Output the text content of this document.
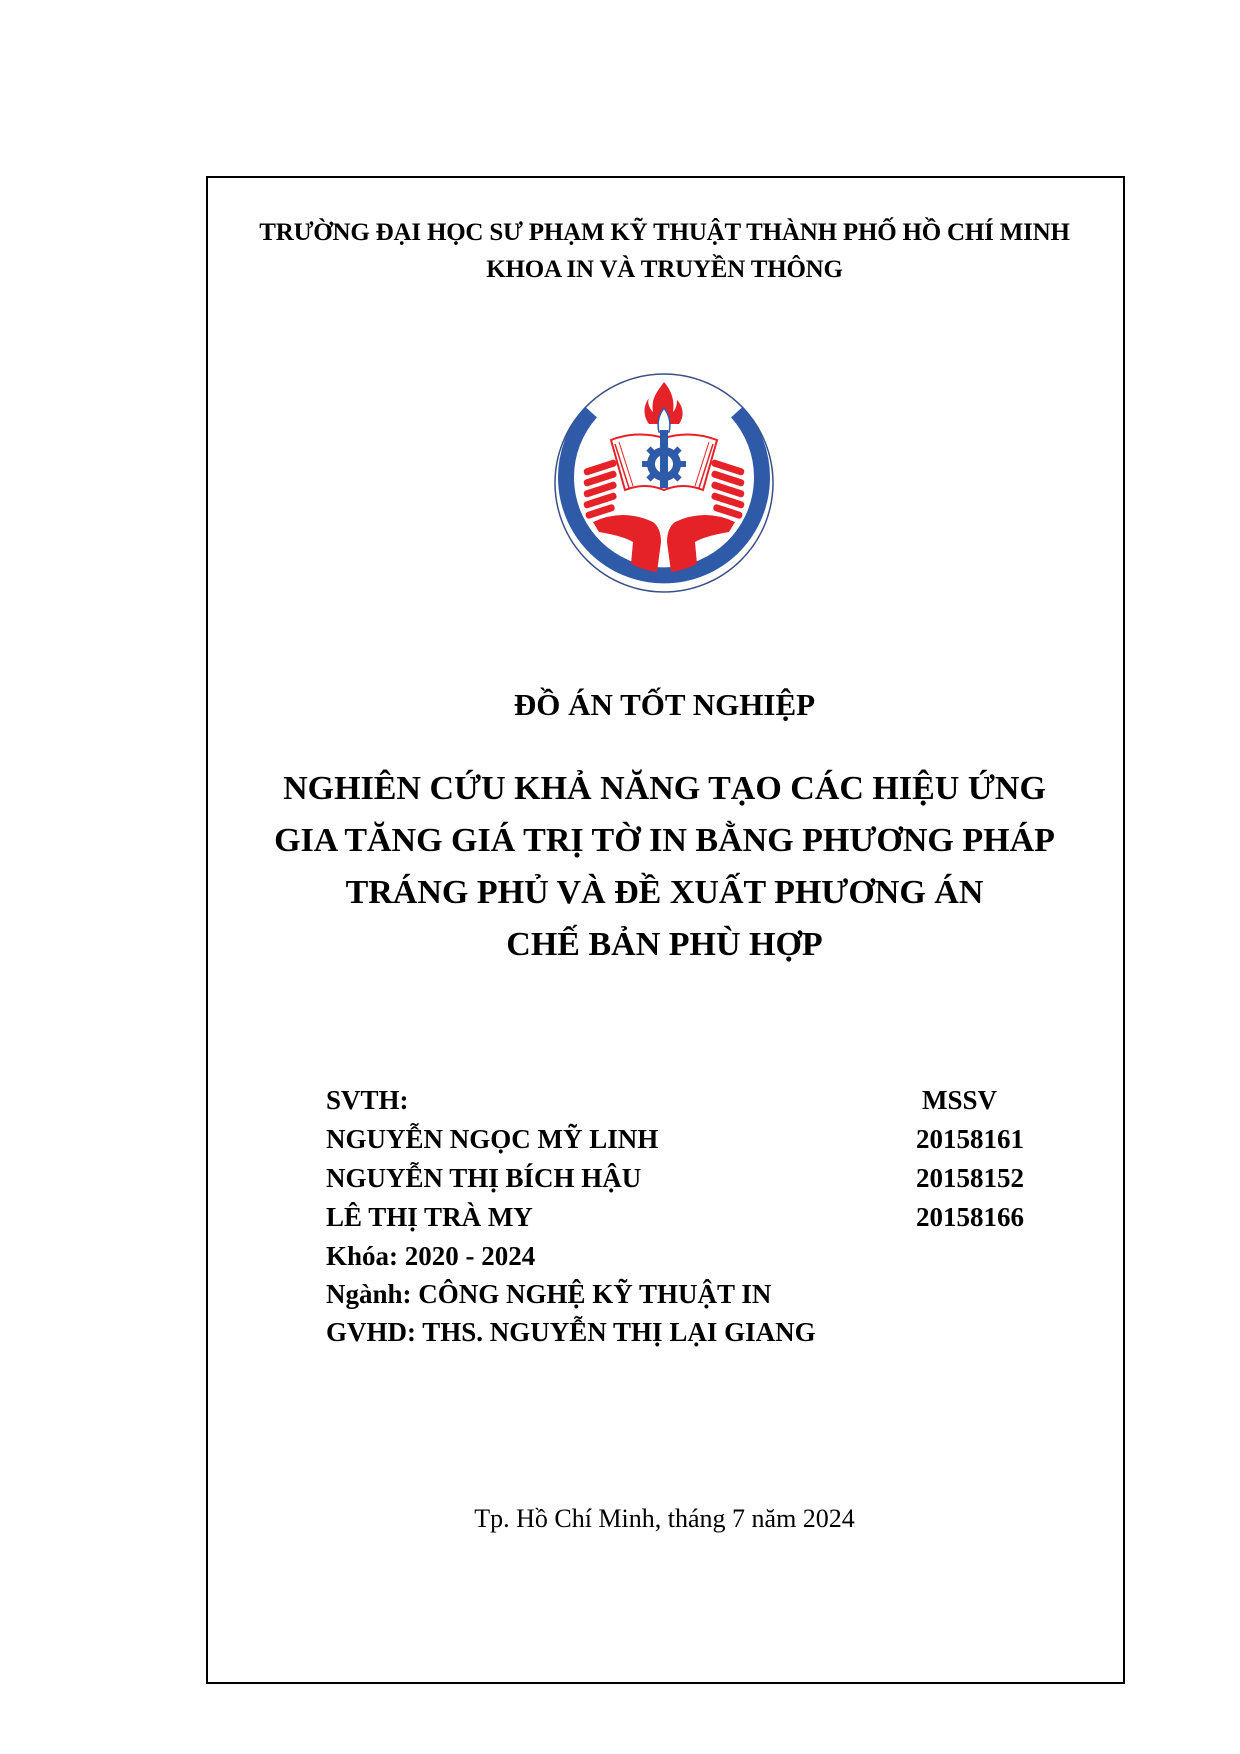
TRƯỜNG ĐẠI HỌC SƯ PHẠM KỸ THUẬT THÀNH PHỐ HỒ CHÍ MINH
KHOA IN VÀ TRUYỀN THÔNG
ĐỒ ÁN TỐT NGHIỆP
NGHIÊN CỨU KHẢ NĂNG TẠO CÁC HIỆU ỨNG
GIA TĂNG GIÁ TRỊ TỜ IN BẰNG PHƯƠNG PHÁP
TRÁNG PHỦ VÀ ĐỀ XUẤT PHƯƠNG ÁN
CHẾ BẢN PHÙ HỢP
SVTH:	MSSV
NGUYỄN NGỌC MỸ LINH	20158161
NGUYỄN THỊ BÍCH HẬU	20158152
LÊ THỊ TRÀ MY	20158166
Khóa: 2020 - 2024
Ngành: CÔNG NGHỆ KỸ THUẬT IN
GVHD: THS. NGUYỄN THỊ LẠI GIANG
Tp. Hồ Chí Minh, tháng 7 năm 2024
